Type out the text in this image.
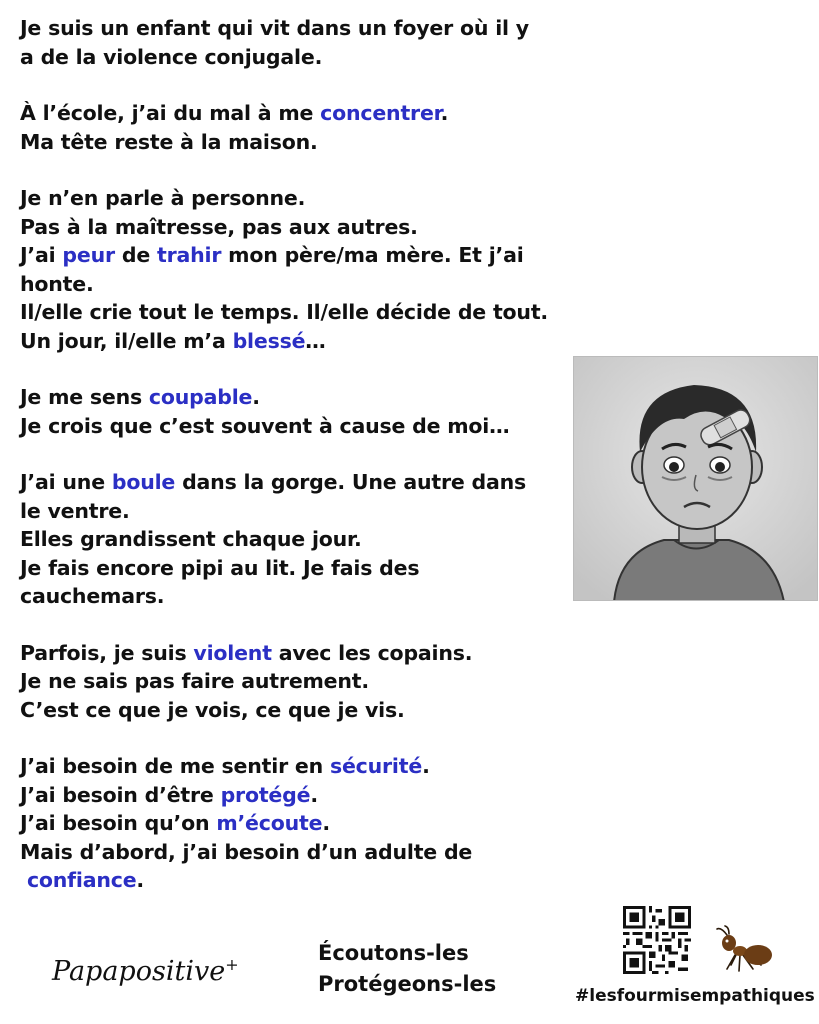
Je suis un enfant qui vit dans un foyer où il y
a de la violence conjugale.

À l’école, j’ai du mal à me concentrer.
Ma tête reste à la maison.

Je n’en parle à personne.
Pas à la maîtresse, pas aux autres.
J’ai peur de trahir mon père/ma mère. Et j’ai
honte.
Il/elle crie tout le temps. Il/elle décide de tout.
Un jour, il/elle m’a blessé…

Je me sens coupable.
Je crois que c’est souvent à cause de moi…

J’ai une boule dans la gorge. Une autre dans
le ventre.
Elles grandissent chaque jour.
Je fais encore pipi au lit. Je fais des
cauchemars.

Parfois, je suis violent avec les copains.
Je ne sais pas faire autrement.
C’est ce que je vois, ce que je vis.

J’ai besoin de me sentir en sécurité.
J’ai besoin d’être protégé.
J’ai besoin qu’on m’écoute.
Mais d’abord, j’ai besoin d’un adulte de
confiance.

Papapositive+	Écoutons-les
Protégeons-les	#lesfourmisempathiques
